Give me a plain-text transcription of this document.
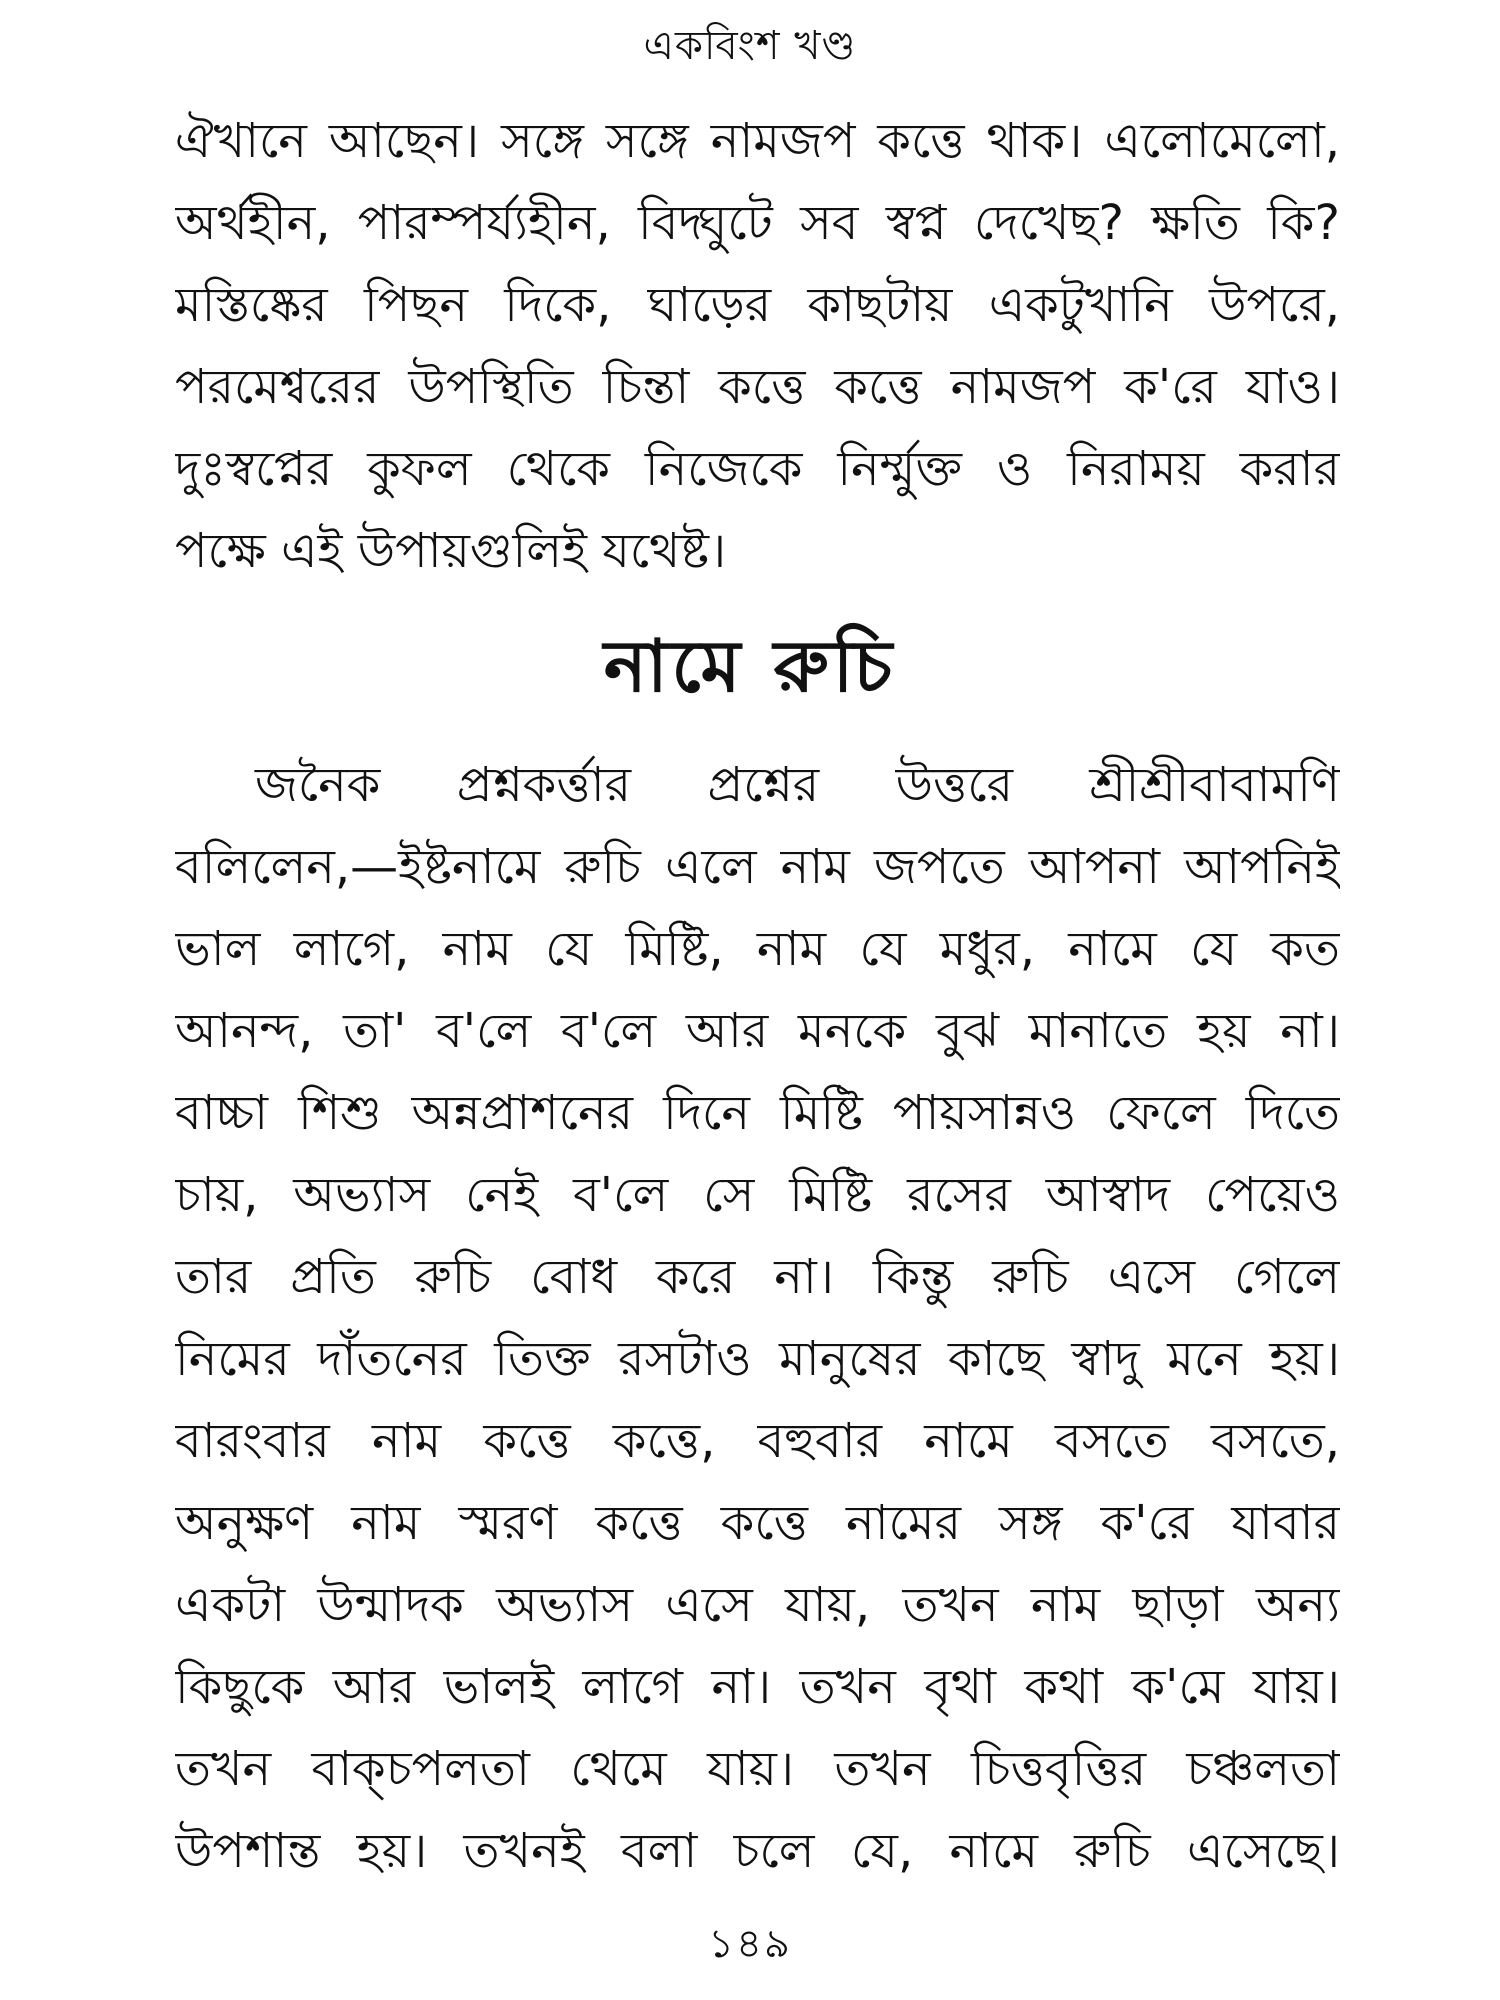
একবিংশ খণ্ড
ঐখানে আছেন। সঙ্গে সঙ্গে নামজপ কত্তে থাক। এলোমেলো,
অর্থহীন, পারম্পর্য্যহীন, বিদ্ঘুটে সব স্বপ্ন দেখেছ? ক্ষতি কি?
মস্তিষ্কের পিছন দিকে, ঘাড়ের কাছটায় একটুখানি উপরে,
পরমেশ্বরের উপস্থিতি চিন্তা কত্তে কত্তে নামজপ ক'রে যাও।
দুঃস্বপ্নের কুফল থেকে নিজেকে নির্ম্মুক্ত ও নিরাময় করার
পক্ষে এই উপায়গুলিই যথেষ্ট।
নামে রুচি
জনৈক প্রশ্নকর্ত্তার প্রশ্নের উত্তরে শ্রীশ্রীবাবামণি
বলিলেন,—ইষ্টনামে রুচি এলে নাম জপতে আপনা আপনিই
ভাল লাগে, নাম যে মিষ্টি, নাম যে মধুর, নামে যে কত
আনন্দ, তা' ব'লে ব'লে আর মনকে বুঝ মানাতে হয় না।
বাচ্চা শিশু অন্নপ্রাশনের দিনে মিষ্টি পায়সান্নও ফেলে দিতে
চায়, অভ্যাস নেই ব'লে সে মিষ্টি রসের আস্বাদ পেয়েও
তার প্রতি রুচি বোধ করে না। কিন্তু রুচি এসে গেলে
নিমের দাঁতনের তিক্ত রসটাও মানুষের কাছে স্বাদু মনে হয়।
বারংবার নাম কত্তে কত্তে, বহুবার নামে বসতে বসতে,
অনুক্ষণ নাম স্মরণ কত্তে কত্তে নামের সঙ্গ ক'রে যাবার
একটা উন্মাদক অভ্যাস এসে যায়, তখন নাম ছাড়া অন্য
কিছুকে আর ভালই লাগে না। তখন বৃথা কথা ক'মে যায়।
তখন বাক্চপলতা থেমে যায়। তখন চিত্তবৃত্তির চঞ্চলতা
উপশান্ত হয়। তখনই বলা চলে যে, নামে রুচি এসেছে।
১৪৯
